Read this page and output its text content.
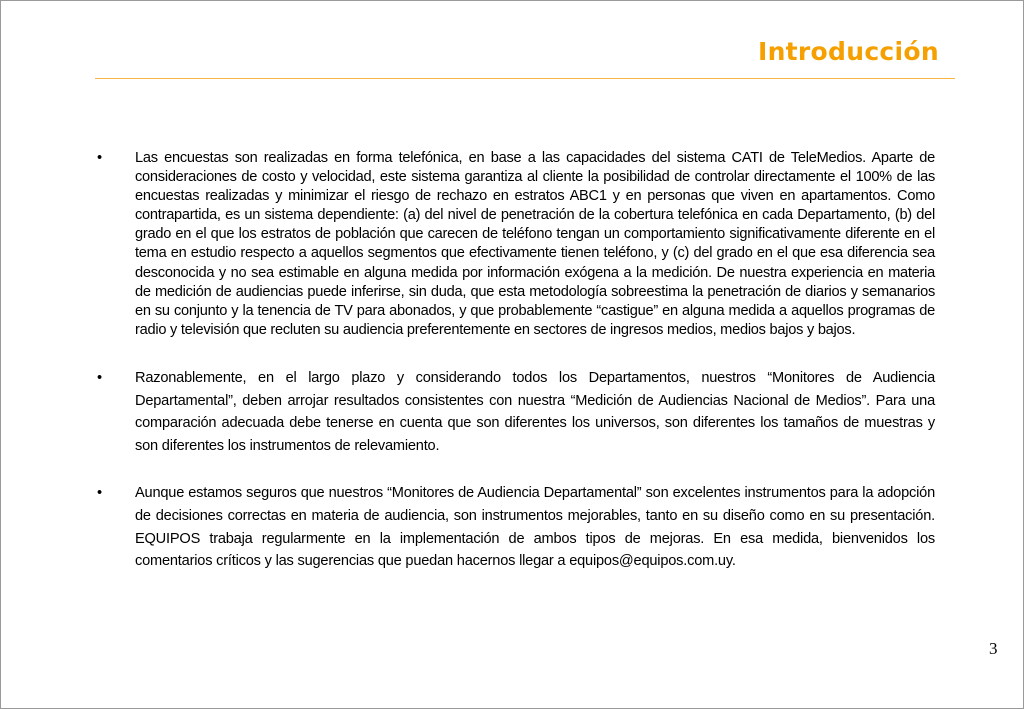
Introducción
• Las encuestas son realizadas en forma telefónica, en base a las capacidades del sistema CATI de TeleMedios. Aparte de consideraciones de costo y velocidad, este sistema garantiza al cliente la posibilidad de controlar directamente el 100% de las encuestas realizadas y minimizar el riesgo de rechazo en estratos ABC1 y en personas que viven en apartamentos. Como contrapartida, es un sistema dependiente: (a) del nivel de penetración de la cobertura telefónica en cada Departamento, (b) del grado en el que los estratos de población que carecen de teléfono tengan un comportamiento significativamente diferente en el tema en estudio respecto a aquellos segmentos que efectivamente tienen teléfono, y (c) del grado en el que esa diferencia sea desconocida y no sea estimable en alguna medida por información exógena a la medición. De nuestra experiencia en materia de medición de audiencias puede inferirse, sin duda, que esta metodología sobreestima la penetración de diarios y semanarios en su conjunto y la tenencia de TV para abonados, y que probablemente “castigue” en alguna medida a aquellos programas de radio y televisión que recluten su audiencia preferentemente en sectores de ingresos medios, medios bajos y bajos.
• Razonablemente, en el largo plazo y considerando todos los Departamentos, nuestros “Monitores de Audiencia Departamental”, deben arrojar resultados consistentes con nuestra “Medición de Audiencias Nacional de Medios”. Para una comparación adecuada debe tenerse en cuenta que son diferentes los universos, son diferentes los tamaños de muestras y son diferentes los instrumentos de relevamiento.
• Aunque estamos seguros que nuestros “Monitores de Audiencia Departamental” son excelentes instrumentos para la adopción de decisiones correctas en materia de audiencia, son instrumentos mejorables, tanto en su diseño como en su presentación. EQUIPOS trabaja regularmente en la implementación de ambos tipos de mejoras. En esa medida, bienvenidos los comentarios críticos y las sugerencias que puedan hacernos llegar a equipos@equipos.com.uy.
3
